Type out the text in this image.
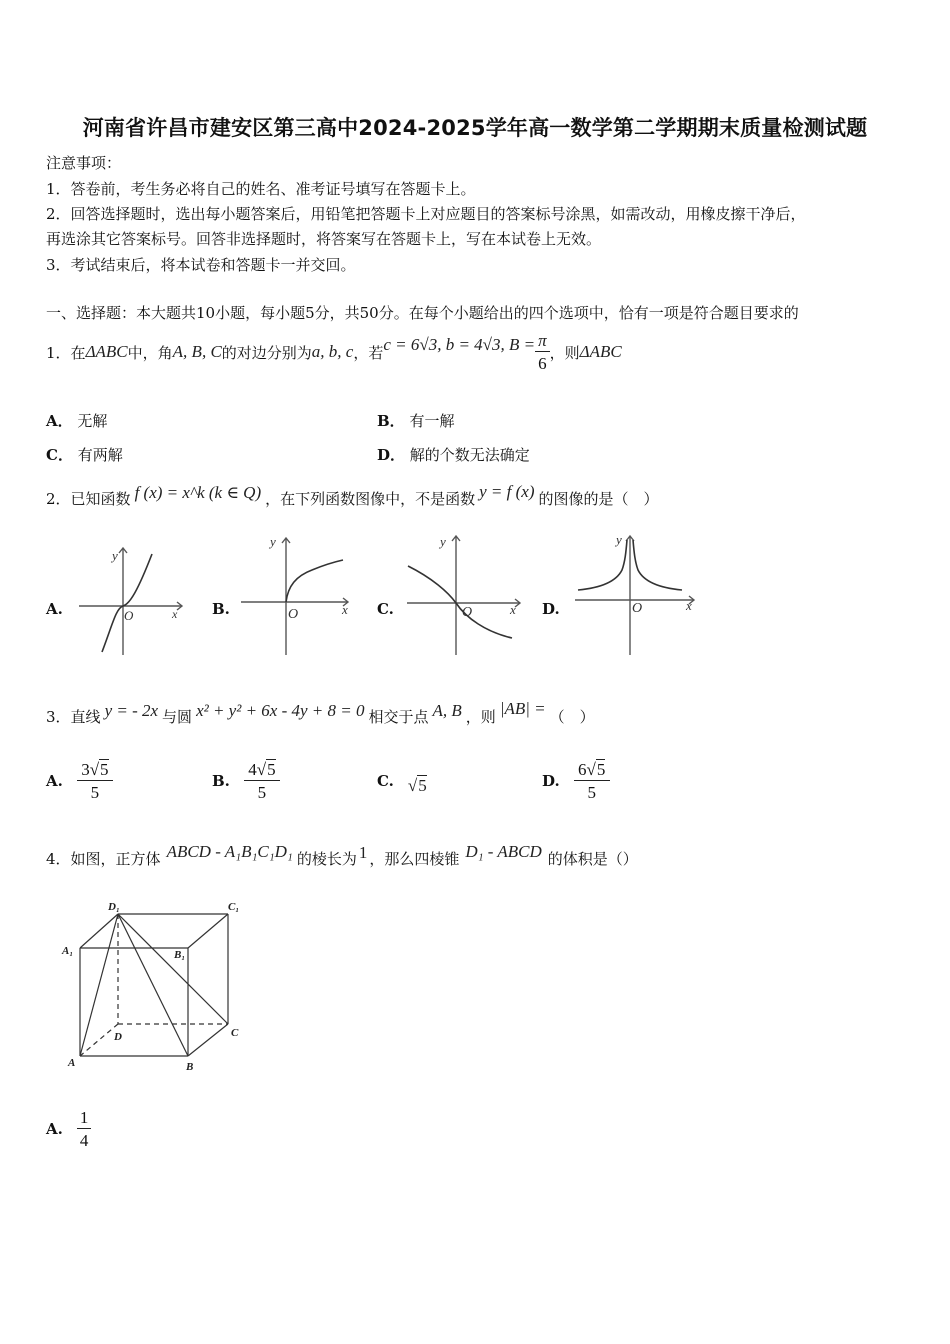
河南省许昌市建安区第三高中2024-2025学年高一数学第二学期期末质量检测试题
注意事项：
1．答卷前，考生务必将自己的姓名、准考证号填写在答题卡上。
2．回答选择题时，选出每小题答案后，用铅笔把答题卡上对应题目的答案标号涂黑，如需改动，用橡皮擦干净后，
再选涂其它答案标号。回答非选择题时，将答案写在答题卡上，写在本试卷上无效。
3．考试结束后，将本试卷和答题卡一并交回。
一、选择题：本大题共10小题，每小题5分，共50分。在每个小题给出的四个选项中，恰有一项是符合题目要求的
1． 在 ΔABC 中，角 A, B, C 的对边分别为 a, b, c ，若 c = 6√3, b = 4√3, $B = \frac{\pi}{6}$ ，则 ΔABC
A． 无解	B． 有一解
C． 有两解	D． 解的个数无法确定
2． 已知函数 f (x) = x^k (k ∈ Q) ，在下列函数图像中，不是函数 y = f (x) 的图像的是（　）
A.	B.	C.	D.
y
O	x
y
O	x
y
O	x
y
O	x
3． 直线 y = - 2x 与圆 x² + y² + 6x - 4y + 8 = 0 相交于点 A, B ，则 |AB| = （　）
A. $\frac{3√5}{5}$	B. $\frac{4√5}{5}$	C. √5	D. $\frac{6√5}{5}$
4． 如图，正方体 ABCD - A₁B₁C₁D₁ 的棱长为 1 ，那么四棱锥 D₁ - ABCD 的体积是（）
D₁	C₁
A₁	B₁
D	C
A	B
A. $\frac{1}{4}$
